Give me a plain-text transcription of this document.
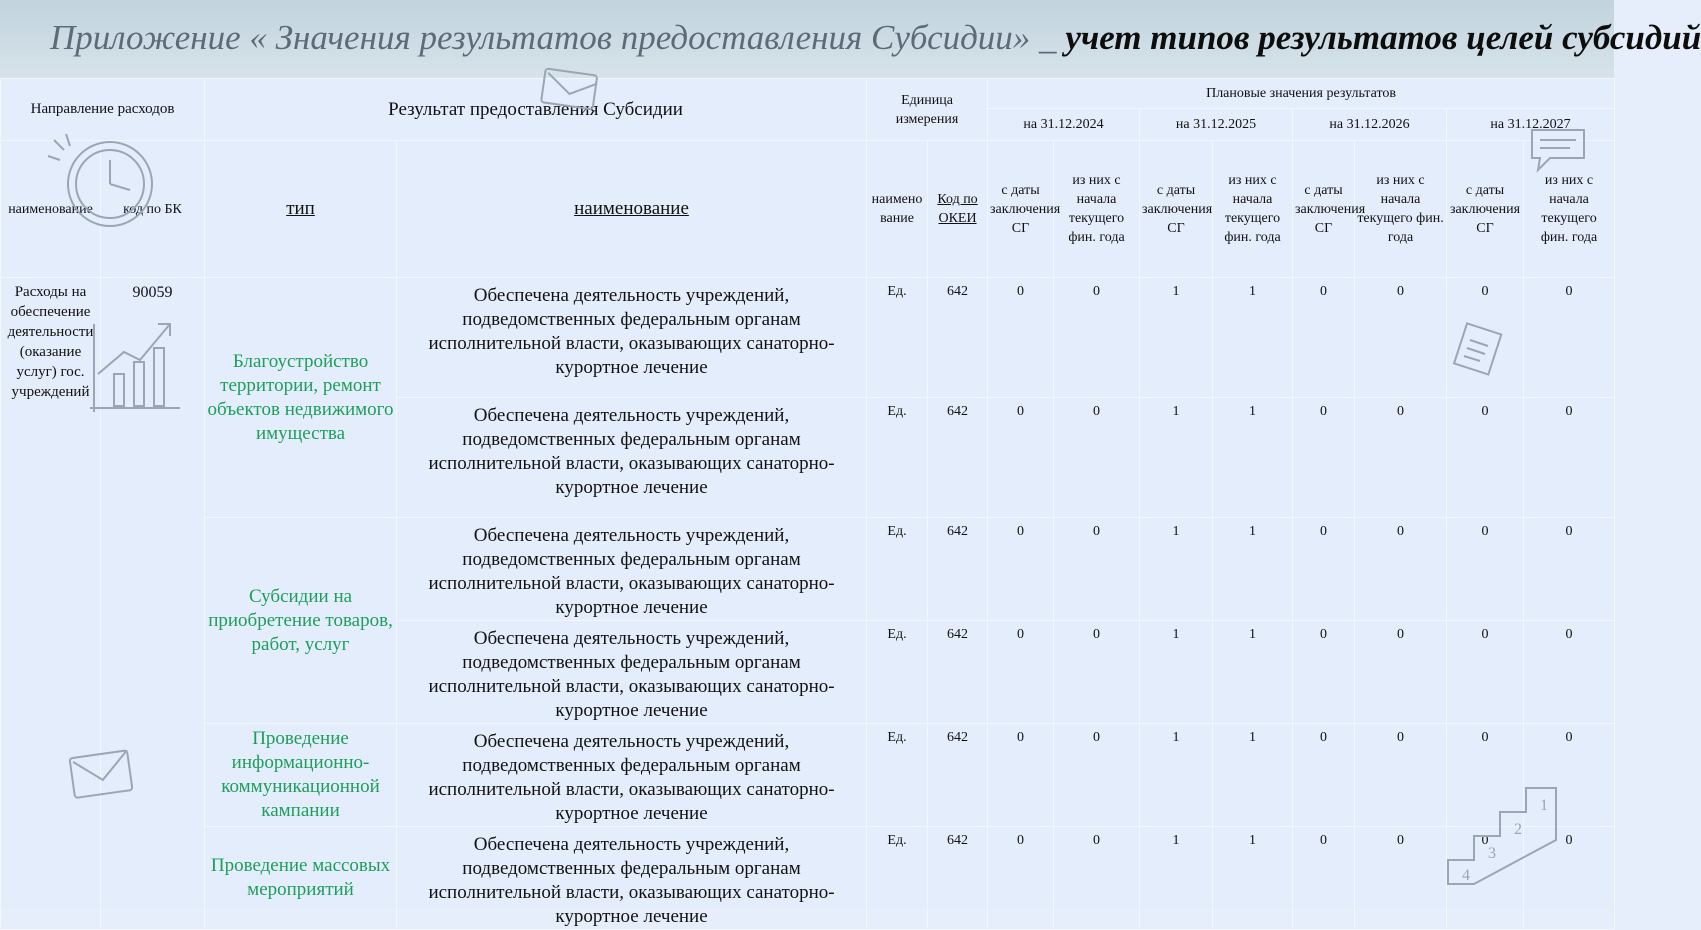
Приложение « Значения результатов предоставления Субсидии» _ учет типов результатов целей субсидий
Направление расходов		Результат предоставления Субсидии		Единица измерения		Плановые значения результатов							
						на 31.12.2024		на 31.12.2025		на 31.12.2026		на 31.12.2027	
наименование	код по БК	тип	наименование	наимено вание	Код по ОКЕИ	с даты заключения СГ	из них с начала текущего фин. года	с даты заключения СГ	из них с начала текущего фин. года	с даты заключения СГ	из них с начала текущего фин. года	с даты заключения СГ	из них с начала текущего фин. года
Расходы на обеспечение деятельности (оказание услуг) гос. учреждений	90059	Благоустройство территории, ремонт объектов недвижимого имущества	Обеспечена деятельность учреждений, подведомственных федеральным органам исполнительной власти, оказывающих санаторно-курортное лечение	Ед.	642	0	0	1	1	0	0	0	0
			Обеспечена деятельность учреждений, подведомственных федеральным органам исполнительной власти, оказывающих санаторно-курортное лечение	Ед.	642	0	0	1	1	0	0	0	0
		Субсидии на приобретение товаров, работ, услуг	Обеспечена деятельность учреждений, подведомственных федеральным органам исполнительной власти, оказывающих санаторно-курортное лечение	Ед.	642	0	0	1	1	0	0	0	0
			Обеспечена деятельность учреждений, подведомственных федеральным органам исполнительной власти, оказывающих санаторно-курортное лечение	Ед.	642	0	0	1	1	0	0	0	0
		Проведение информационно-коммуникационной кампании	Обеспечена деятельность учреждений, подведомственных федеральным органам исполнительной власти, оказывающих санаторно-курортное лечение	Ед.	642	0	0	1	1	0	0	0	0
		Проведение массовых мероприятий	Обеспечена деятельность учреждений, подведомственных федеральным органам исполнительной власти, оказывающих санаторно-курортное лечение	Ед.	642	0	0	1	1	0	0	0	0
1
2
3
4
